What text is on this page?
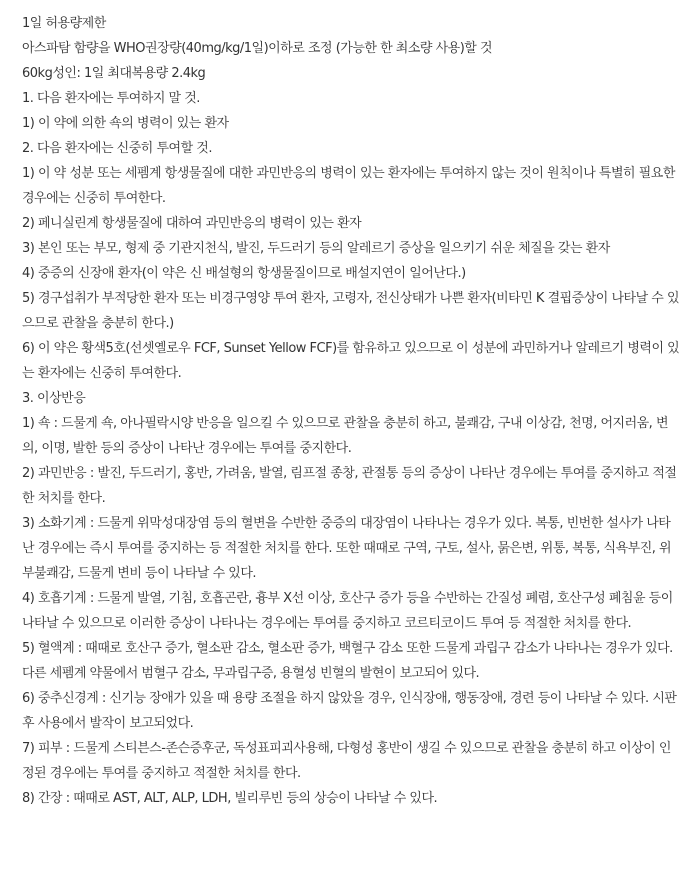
1일 허용량제한
아스파탐 함량을 WHO권장량(40mg/kg/1일)이하로 조정 (가능한 한 최소량 사용)할 것
60kg성인: 1일 최대복용량 2.4kg
1. 다음 환자에는 투여하지 말 것.
1) 이 약에 의한 쇽의 병력이 있는 환자
2. 다음 환자에는 신중히 투여할 것.
1) 이 약 성분 또는 세펨계 항생물질에 대한 과민반응의 병력이 있는 환자에는 투여하지 않는 것이 원칙이나 특별히 필요한 경우에는 신중히 투여한다.
2) 페니실린계 항생물질에 대하여 과민반응의 병력이 있는 환자
3) 본인 또는 부모, 형제 중 기관지천식, 발진, 두드러기 등의 알레르기 증상을 일으키기 쉬운 체질을 갖는 환자
4) 중증의 신장애 환자(이 약은 신 배설형의 항생물질이므로 배설지연이 일어난다.)
5) 경구섭취가 부적당한 환자 또는 비경구영양 투여 환자, 고령자, 전신상태가 나쁜 환자(비타민 K 결핍증상이 나타날 수 있으므로 관찰을 충분히 한다.)
6) 이 약은 황색5호(선셋옐로우 FCF, Sunset Yellow FCF)를 함유하고 있으므로 이 성분에 과민하거나 알레르기 병력이 있는 환자에는 신중히 투여한다.
3. 이상반응
1) 쇽 : 드물게 쇽, 아나필락시양 반응을 일으킬 수 있으므로 관찰을 충분히 하고, 불쾌감, 구내 이상감, 천명, 어지러움, 변의, 이명, 발한 등의 증상이 나타난 경우에는 투여를 중지한다.
2) 과민반응 : 발진, 두드러기, 홍반, 가려움, 발열, 림프절 종창, 관절통 등의 증상이 나타난 경우에는 투여를 중지하고 적절한 처치를 한다.
3) 소화기계 : 드물게 위막성대장염 등의 혈변을 수반한 중증의 대장염이 나타나는 경우가 있다. 복통, 빈번한 설사가 나타난 경우에는 즉시 투여를 중지하는 등 적절한 처치를 한다. 또한 때때로 구역, 구토, 설사, 묽은변, 위통, 복통, 식욕부진, 위부불쾌감, 드물게 변비 등이 나타날 수 있다.
4) 호흡기계 : 드물게 발열, 기침, 호흡곤란, 흉부 X선 이상, 호산구 증가 등을 수반하는 간질성 폐렴, 호산구성 폐침윤 등이 나타날 수 있으므로 이러한 증상이 나타나는 경우에는 투여를 중지하고 코르티코이드 투여 등 적절한 처치를 한다.
5) 혈액계 : 때때로 호산구 증가, 혈소판 감소, 혈소판 증가, 백혈구 감소 또한 드물게 과립구 감소가 나타나는 경우가 있다. 다른 세펨계 약물에서 범혈구 감소, 무과립구증, 용혈성 빈혈의 발현이 보고되어 있다.
6) 중추신경계 : 신기능 장애가 있을 때 용량 조절을 하지 않았을 경우, 인식장애, 행동장애, 경련 등이 나타날 수 있다. 시판 후 사용에서 발작이 보고되었다.
7) 피부 : 드물게 스티븐스-존슨증후군, 독성표피괴사용해, 다형성 홍반이 생길 수 있으므로 관찰을 충분히 하고 이상이 인정된 경우에는 투여를 중지하고 적절한 처치를 한다.
8) 간장 : 때때로 AST, ALT, ALP, LDH, 빌리루빈 등의 상승이 나타날 수 있다.
